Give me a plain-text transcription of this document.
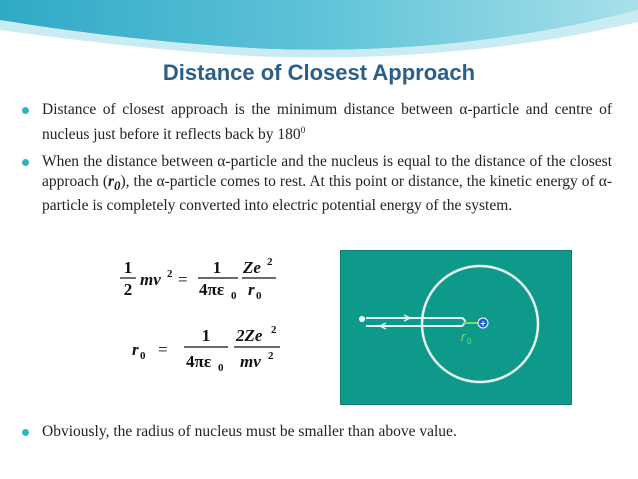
Distance of Closest Approach
Distance of closest approach is the minimum distance between α-particle and centre of nucleus just before it reflects back by $180^0$
When the distance between α-particle and the nucleus is equal to the distance of the closest approach $(r_0)$, the α-particle comes to rest. At this point or distance, the kinetic energy of α-particle is completely converted into electric potential energy of the system.
Obviously, the radius of nucleus must be smaller than above value.
1
2
mv 2 =
1
4πε 0
Ze 2
r 0
r 0 =
1
4πε 0
2Ze 2
mv 2
+
r 0
